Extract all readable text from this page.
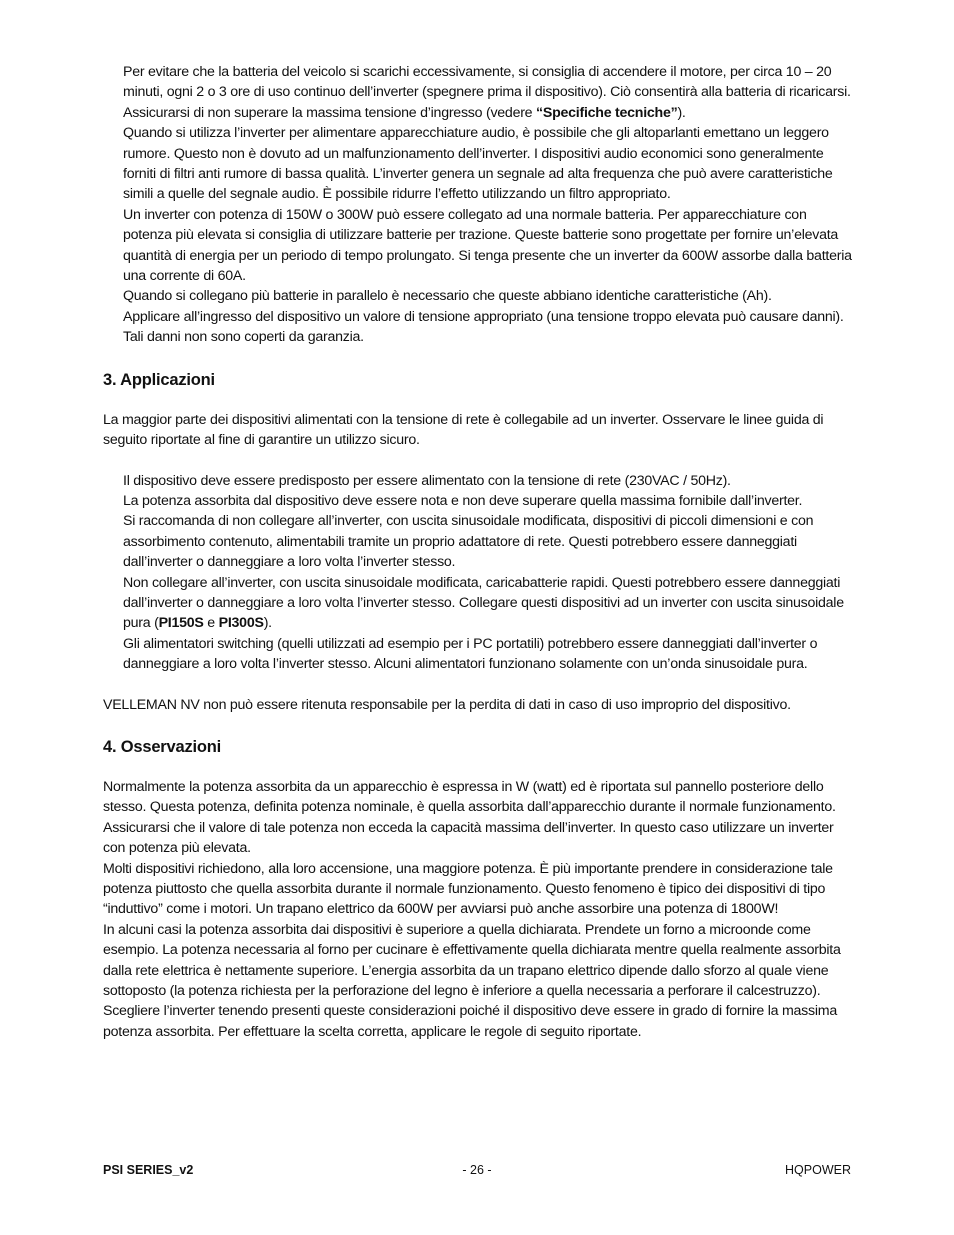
Per evitare che la batteria del veicolo si scarichi eccessivamente, si consiglia di accendere il motore, per circa 10 – 20 minuti, ogni 2 o 3 ore di uso continuo dell’inverter (spegnere prima il dispositivo). Ciò consentirà alla batteria di ricaricarsi.

Assicurarsi di non superare la massima tensione d’ingresso (vedere “Specifiche tecniche”).

Quando si utilizza l’inverter per alimentare apparecchiature audio, è possibile che gli altoparlanti emettano un leggero rumore. Questo non è dovuto ad un malfunzionamento dell’inverter. I dispositivi audio economici sono generalmente forniti di filtri anti rumore di bassa qualità. L’inverter genera un segnale ad alta frequenza che può avere caratteristiche simili a quelle del segnale audio. È possibile ridurre l’effetto utilizzando un filtro appropriato.

Un inverter con potenza di 150W o 300W può essere collegato ad una normale batteria. Per apparecchiature con potenza più elevata si consiglia di utilizzare batterie per trazione. Queste batterie sono progettate per fornire un’elevata quantità di energia per un periodo di tempo prolungato. Si tenga presente che un inverter da 600W assorbe dalla batteria una corrente di 60A.

Quando si collegano più batterie in parallelo è necessario che queste abbiano identiche caratteristiche (Ah).

Applicare all’ingresso del dispositivo un valore di tensione appropriato (una tensione troppo elevata può causare danni). Tali danni non sono coperti da garanzia.

3. Applicazioni

La maggior parte dei dispositivi alimentati con la tensione di rete è collegabile ad un inverter. Osservare le linee guida di seguito riportate al fine di garantire un utilizzo sicuro.

Il dispositivo deve essere predisposto per essere alimentato con la tensione di rete (230VAC / 50Hz).

La potenza assorbita dal dispositivo deve essere nota e non deve superare quella massima fornibile dall’inverter.

Si raccomanda di non collegare all’inverter, con uscita sinusoidale modificata, dispositivi di piccoli dimensioni e con assorbimento contenuto, alimentabili tramite un proprio adattatore di rete. Questi potrebbero essere danneggiati dall’inverter o danneggiare a loro volta l’inverter stesso.

Non collegare all’inverter, con uscita sinusoidale modificata, caricabatterie rapidi. Questi potrebbero essere danneggiati dall’inverter o danneggiare a loro volta l’inverter stesso. Collegare questi dispositivi ad un inverter con uscita sinusoidale pura (PI150S e PI300S).

Gli alimentatori switching (quelli utilizzati ad esempio per i PC portatili) potrebbero essere danneggiati dall’inverter o danneggiare a loro volta l’inverter stesso. Alcuni alimentatori funzionano solamente con un’onda sinusoidale pura.

VELLEMAN NV non può essere ritenuta responsabile per la perdita di dati in caso di uso improprio del dispositivo.

4. Osservazioni

Normalmente la potenza assorbita da un apparecchio è espressa in W (watt) ed è riportata sul pannello posteriore dello stesso. Questa potenza, definita potenza nominale, è quella assorbita dall’apparecchio durante il normale funzionamento. Assicurarsi che il valore di tale potenza non ecceda la capacità massima dell’inverter. In questo caso utilizzare un inverter con potenza più elevata.

Molti dispositivi richiedono, alla loro accensione, una maggiore potenza. È più importante prendere in considerazione tale potenza piuttosto che quella assorbita durante il normale funzionamento. Questo fenomeno è tipico dei dispositivi di tipo “induttivo” come i motori. Un trapano elettrico da 600W per avviarsi può anche assorbire una potenza di 1800W!

In alcuni casi la potenza assorbita dai dispositivi è superiore a quella dichiarata. Prendete un forno a microonde come esempio. La potenza necessaria al forno per cucinare è effettivamente quella dichiarata mentre quella realmente assorbita dalla rete elettrica è nettamente superiore. L’energia assorbita da un trapano elettrico dipende dallo sforzo al quale viene sottoposto (la potenza richiesta per la perforazione del legno è inferiore a quella necessaria a perforare il calcestruzzo). Scegliere l’inverter tenendo presenti queste considerazioni poiché il dispositivo deve essere in grado di fornire la massima potenza assorbita. Per effettuare la scelta corretta, applicare le regole di seguito riportate.

PSI SERIES_v2	- 26 -	HQPOWER
